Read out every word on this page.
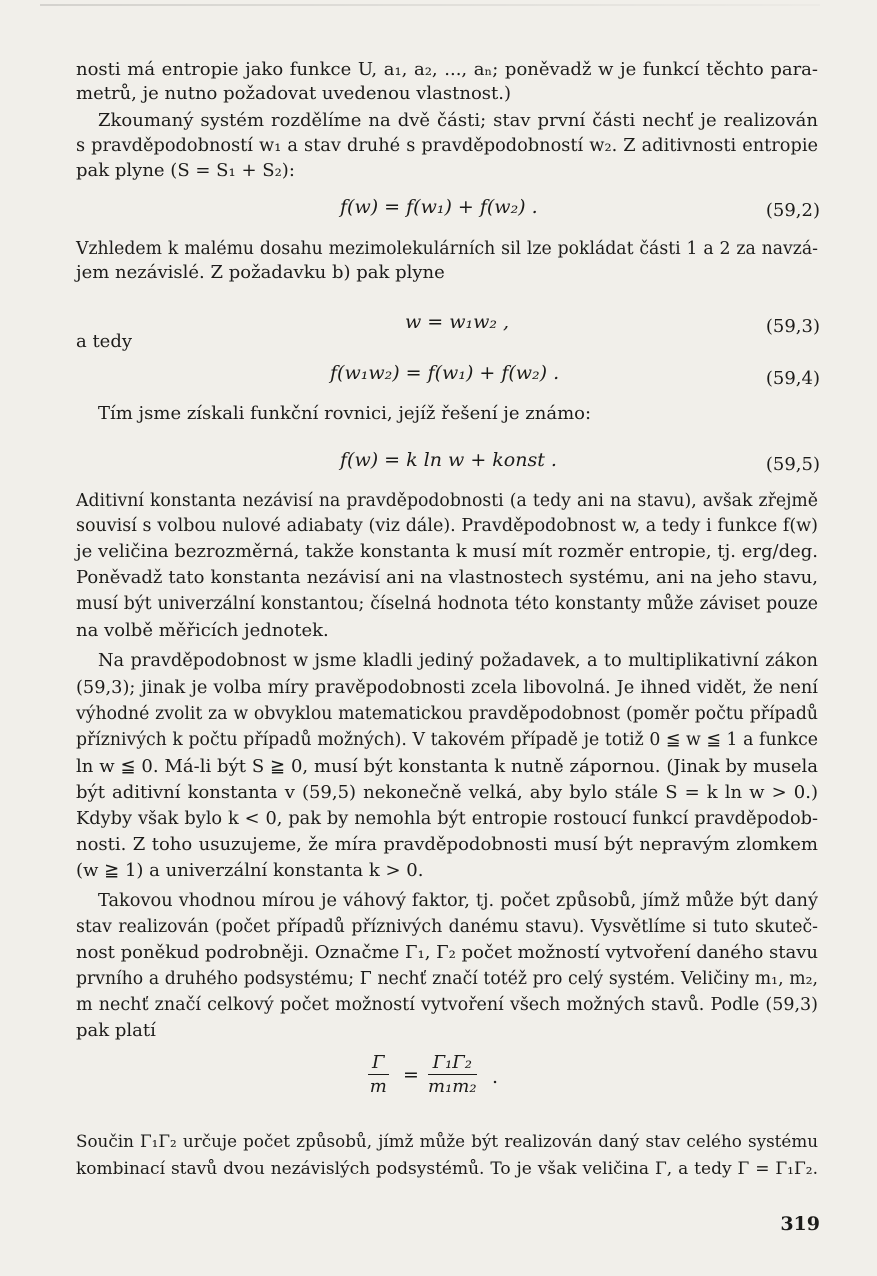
nosti má entropie jako funkce U, a₁, a₂, ..., aₙ; poněvadž w je funkcí těchto para-
metrů, je nutno požadovat uvedenou vlastnost.)
Zkoumaný systém rozdělíme na dvě části; stav první části nechť je realizován
s pravděpodobností w₁ a stav druhé s pravděpodobností w₂. Z aditivnosti entropie
pak plyne (S = S₁ + S₂):
f(w) = f(w₁) + f(w₂) .	(59,2)
Vzhledem k malému dosahu mezimolekulárních sil lze pokládat části 1 a 2 za navzá-
jem nezávislé. Z požadavku b) pak plyne
w = w₁w₂ ,	(59,3)
a tedy
f(w₁w₂) = f(w₁) + f(w₂) .	(59,4)
Tím jsme získali funkční rovnici, jejíž řešení je známo:
f(w) = k ln w + konst .	(59,5)
Aditivní konstanta nezávisí na pravděpodobnosti (a tedy ani na stavu), avšak zřejmě
souvisí s volbou nulové adiabaty (viz dále). Pravděpodobnost w, a tedy i funkce f(w)
je veličina bezrozměrná, takže konstanta k musí mít rozměr entropie, tj. erg/deg.
Poněvadž tato konstanta nezávisí ani na vlastnostech systému, ani na jeho stavu,
musí být univerzální konstantou; číselná hodnota této konstanty může záviset pouze
na volbě měřicích jednotek.
Na pravděpodobnost w jsme kladli jediný požadavek, a to multiplikativní zákon
(59,3); jinak je volba míry pravěpodobnosti zcela libovolná. Je ihned vidět, že není
výhodné zvolit za w obvyklou matematickou pravděpodobnost (poměr počtu případů
příznivých k počtu případů možných). V takovém případě je totiž 0 ≦ w ≦ 1 a funkce
ln w ≦ 0. Má-li být S ≧ 0, musí být konstanta k nutně zápornou. (Jinak by musela
být aditivní konstanta v (59,5) nekonečně velká, aby bylo stále S = k ln w > 0.)
Kdyby však bylo k < 0, pak by nemohla být entropie rostoucí funkcí pravděpodob-
nosti. Z toho usuzujeme, že míra pravděpodobnosti musí být nepravým zlomkem
(w ≧ 1) a univerzální konstanta k > 0.
Takovou vhodnou mírou je váhový faktor, tj. počet způsobů, jímž může být daný
stav realizován (počet případů příznivých danému stavu). Vysvětlíme si tuto skuteč-
nost poněkud podrobněji. Označme Γ₁, Γ₂ počet možností vytvoření daného stavu
prvního a druhého podsystému; Γ nechť značí totéž pro celý systém. Veličiny m₁, m₂,
m nechť značí celkový počet možností vytvoření všech možných stavů. Podle (59,3)
pak platí
$\frac{\Gamma}{m} = \frac{\text{Γ₁Γ₂}}{\text{m₁m₂}}$ .
Součin Γ₁Γ₂ určuje počet způsobů, jímž může být realizován daný stav celého systému
kombinací stavů dvou nezávislých podsystémů. To je však veličina Γ, a tedy Γ = Γ₁Γ₂.
319
